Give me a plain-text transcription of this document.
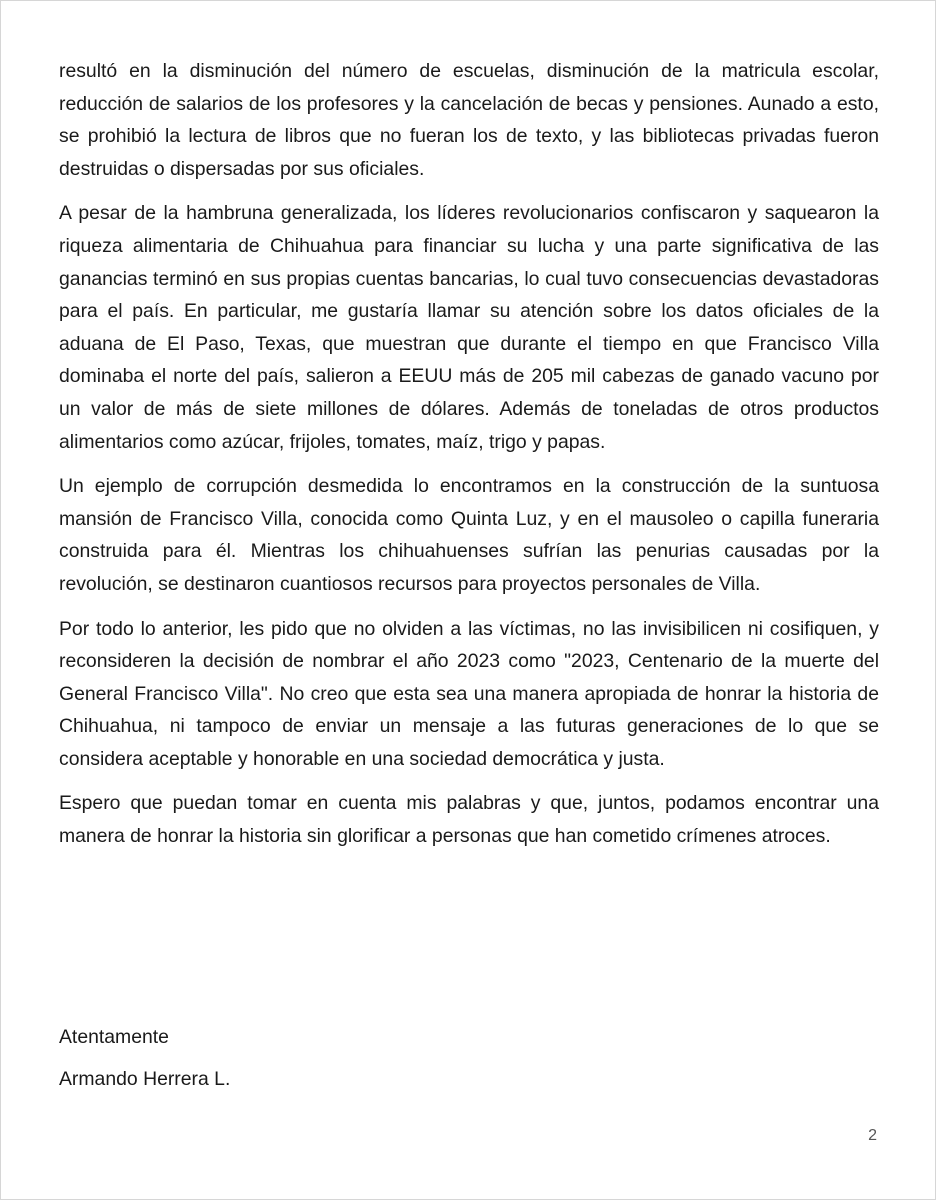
resultó en la disminución del número de escuelas, disminución de la matricula escolar, reducción de salarios de los profesores y la cancelación de becas y pensiones. Aunado a esto, se prohibió la lectura de libros que no fueran los de texto, y las bibliotecas privadas fueron destruidas o dispersadas por sus oficiales.

A pesar de la hambruna generalizada, los líderes revolucionarios confiscaron y saquearon la riqueza alimentaria de Chihuahua para financiar su lucha y una parte significativa de las ganancias terminó en sus propias cuentas bancarias, lo cual tuvo consecuencias devastadoras para el país. En particular, me gustaría llamar su atención sobre los datos oficiales de la aduana de El Paso, Texas, que muestran que durante el tiempo en que Francisco Villa dominaba el norte del país, salieron a EEUU más de 205 mil cabezas de ganado vacuno por un valor de más de siete millones de dólares. Además de toneladas de otros productos alimentarios como azúcar, frijoles, tomates, maíz, trigo y papas.

Un ejemplo de corrupción desmedida lo encontramos en la construcción de la suntuosa mansión de Francisco Villa, conocida como Quinta Luz, y en el mausoleo o capilla funeraria construida para él. Mientras los chihuahuenses sufrían las penurias causadas por la revolución, se destinaron cuantiosos recursos para proyectos personales de Villa.

Por todo lo anterior, les pido que no olviden a las víctimas, no las invisibilicen ni cosifiquen, y reconsideren la decisión de nombrar el año 2023 como "2023, Centenario de la muerte del General Francisco Villa". No creo que esta sea una manera apropiada de honrar la historia de Chihuahua, ni tampoco de enviar un mensaje a las futuras generaciones de lo que se considera aceptable y honorable en una sociedad democrática y justa.

Espero que puedan tomar en cuenta mis palabras y que, juntos, podamos encontrar una manera de honrar la historia sin glorificar a personas que han cometido crímenes atroces.

Atentamente

Armando Herrera L.

2
